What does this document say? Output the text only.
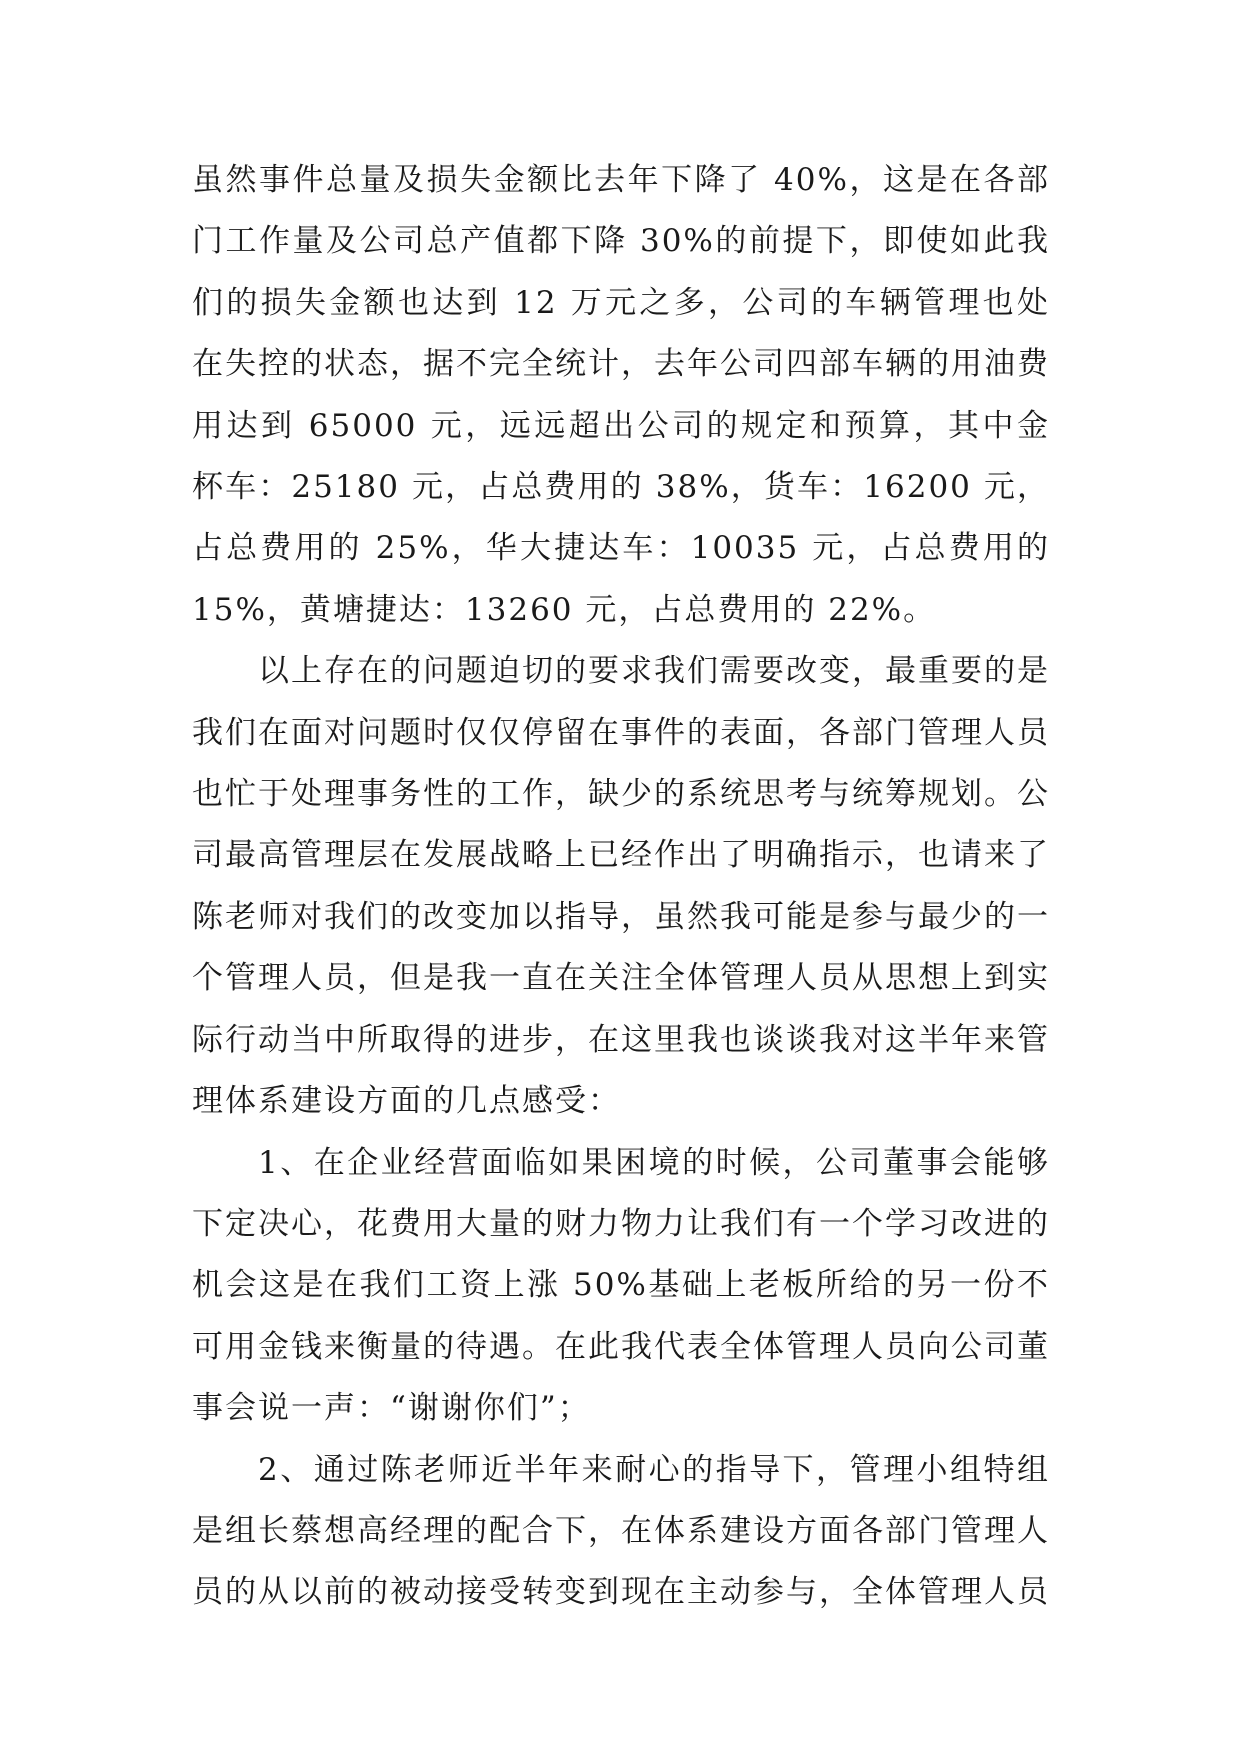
虽然事件总量及损失金额比去年下降了 40%，这是在各部门工作量及公司总产值都下降 30%的前提下，即使如此我们的损失金额也达到 12 万元之多，公司的车辆管理也处在失控的状态，据不完全统计，去年公司四部车辆的用油费用达到 65000 元，远远超出公司的规定和预算，其中金杯车：25180 元，占总费用的 38%，货车：16200 元，占总费用的 25%，华大捷达车：10035 元，占总费用的 15%，黄塘捷达：13260 元，占总费用的 22%。

以上存在的问题迫切的要求我们需要改变，最重要的是我们在面对问题时仅仅停留在事件的表面，各部门管理人员也忙于处理事务性的工作，缺少的系统思考与统筹规划。公司最高管理层在发展战略上已经作出了明确指示，也请来了陈老师对我们的改变加以指导，虽然我可能是参与最少的一个管理人员，但是我一直在关注全体管理人员从思想上到实际行动当中所取得的进步，在这里我也谈谈我对这半年来管理体系建设方面的几点感受：

1、在企业经营面临如果困境的时候，公司董事会能够下定决心，花费用大量的财力物力让我们有一个学习改进的机会这是在我们工资上涨 50%基础上老板所给的另一份不可用金钱来衡量的待遇。在此我代表全体管理人员向公司董事会说一声：“谢谢你们”；

2、通过陈老师近半年来耐心的指导下，管理小组特组是组长蔡想高经理的配合下，在体系建设方面各部门管理人员的从以前的被动接受转变到现在主动参与，全体管理人员
